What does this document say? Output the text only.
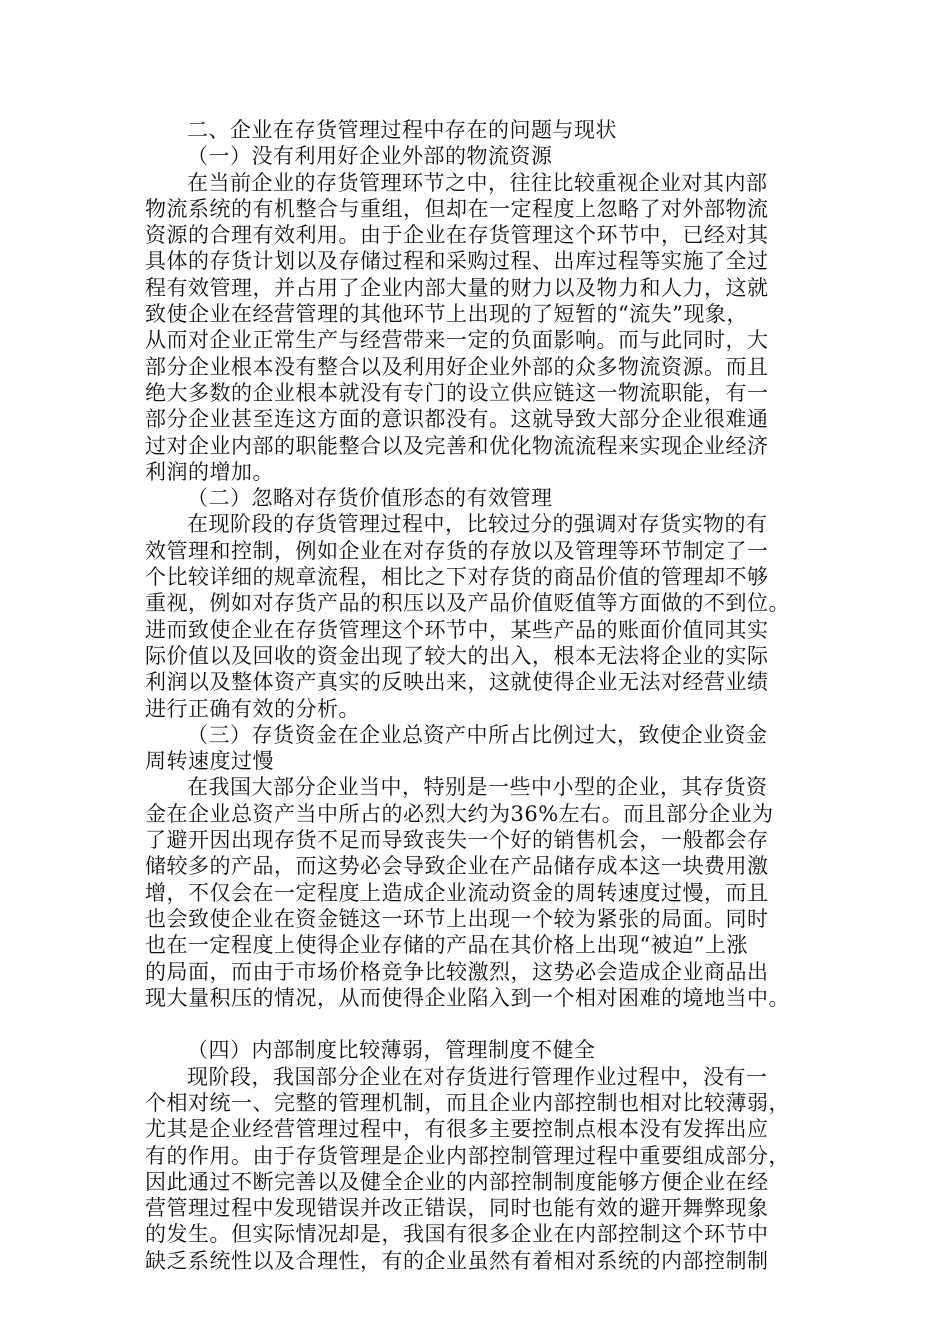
二、企业在存货管理过程中存在的问题与现状
（一）没有利用好企业外部的物流资源
在当前企业的存货管理环节之中，往往比较重视企业对其内部
物流系统的有机整合与重组，但却在一定程度上忽略了对外部物流
资源的合理有效利用。由于企业在存货管理这个环节中，已经对其
具体的存货计划以及存储过程和采购过程、出库过程等实施了全过
程有效管理，并占用了企业内部大量的财力以及物力和人力，这就
致使企业在经营管理的其他环节上出现的了短暂的“流失”现象，
从而对企业正常生产与经营带来一定的负面影响。而与此同时，大
部分企业根本没有整合以及利用好企业外部的众多物流资源。而且
绝大多数的企业根本就没有专门的设立供应链这一物流职能，有一
部分企业甚至连这方面的意识都没有。这就导致大部分企业很难通
过对企业内部的职能整合以及完善和优化物流流程来实现企业经济
利润的增加。
（二）忽略对存货价值形态的有效管理
在现阶段的存货管理过程中，比较过分的强调对存货实物的有
效管理和控制，例如企业在对存货的存放以及管理等环节制定了一
个比较详细的规章流程，相比之下对存货的商品价值的管理却不够
重视，例如对存货产品的积压以及产品价值贬值等方面做的不到位。
进而致使企业在存货管理这个环节中，某些产品的账面价值同其实
际价值以及回收的资金出现了较大的出入，根本无法将企业的实际
利润以及整体资产真实的反映出来，这就使得企业无法对经营业绩
进行正确有效的分析。
（三）存货资金在企业总资产中所占比例过大，致使企业资金
周转速度过慢
在我国大部分企业当中，特别是一些中小型的企业，其存货资
金在企业总资产当中所占的必烈大约为36%左右。而且部分企业为
了避开因出现存货不足而导致丧失一个好的销售机会，一般都会存
储较多的产品，而这势必会导致企业在产品储存成本这一块费用激
增，不仅会在一定程度上造成企业流动资金的周转速度过慢，而且
也会致使企业在资金链这一环节上出现一个较为紧张的局面。同时
也在一定程度上使得企业存储的产品在其价格上出现“被迫”上涨
的局面，而由于市场价格竞争比较激烈，这势必会造成企业商品出
现大量积压的情况，从而使得企业陷入到一个相对困难的境地当中。
（四）内部制度比较薄弱，管理制度不健全
现阶段，我国部分企业在对存货进行管理作业过程中，没有一
个相对统一、完整的管理机制，而且企业内部控制也相对比较薄弱，
尤其是企业经营管理过程中，有很多主要控制点根本没有发挥出应
有的作用。由于存货管理是企业内部控制管理过程中重要组成部分，
因此通过不断完善以及健全企业的内部控制制度能够方便企业在经
营管理过程中发现错误并改正错误，同时也能有效的避开舞弊现象
的发生。但实际情况却是，我国有很多企业在内部控制这个环节中
缺乏系统性以及合理性，有的企业虽然有着相对系统的内部控制制
